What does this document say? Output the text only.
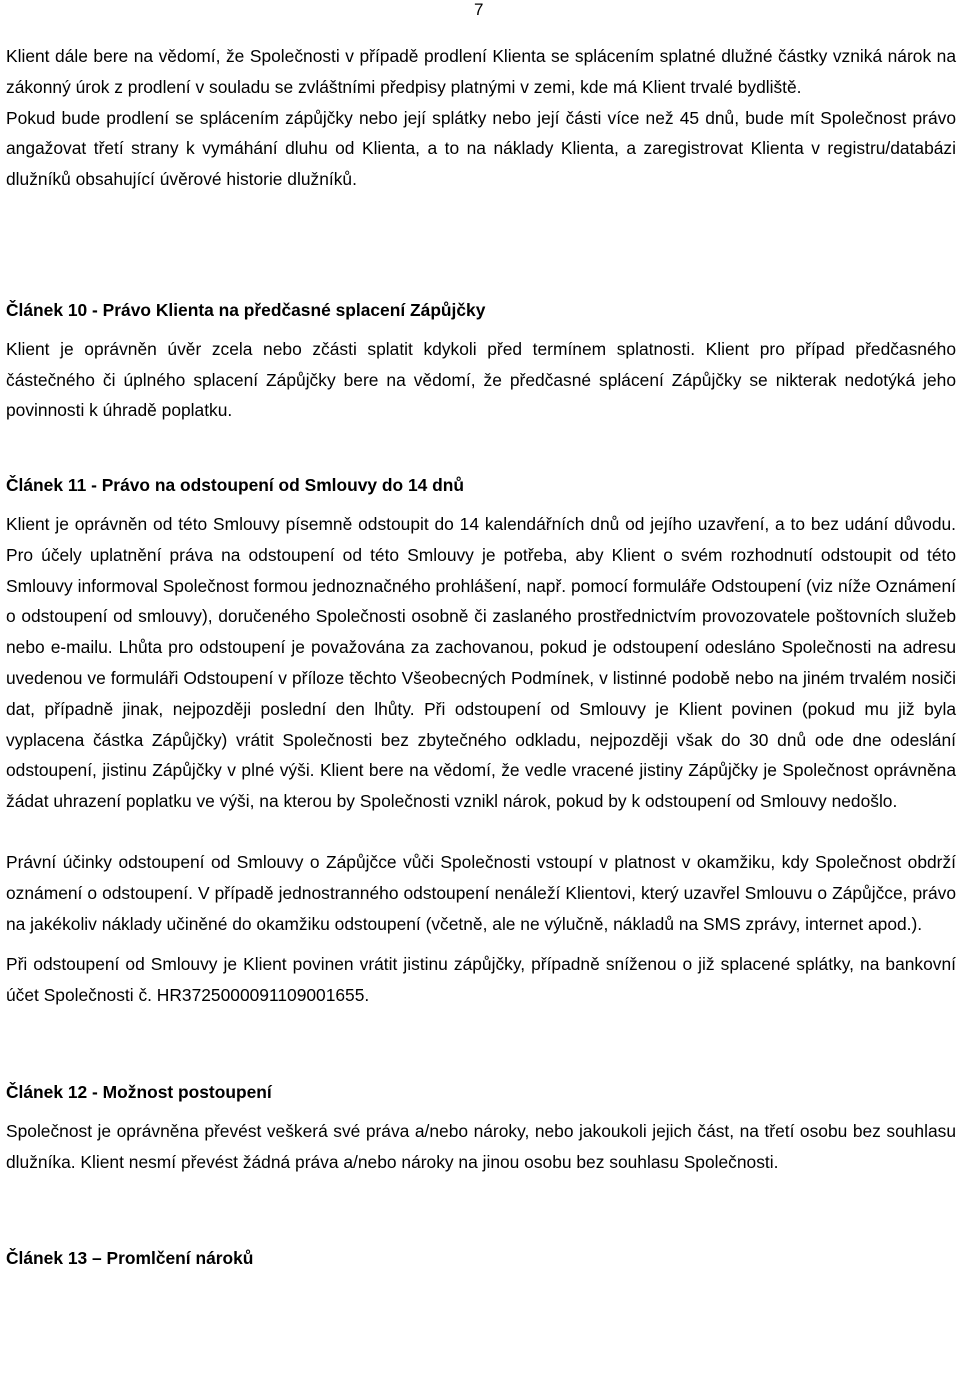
7

Klient dále bere na vědomí, že Společnosti v případě prodlení Klienta se splácením splatné dlužné částky vzniká nárok na zákonný úrok z prodlení v souladu se zvláštními předpisy platnými v zemi, kde má Klient trvalé bydliště.

Pokud bude prodlení se splácením zápůjčky nebo její splátky nebo její části více než 45 dnů, bude mít Společnost právo angažovat třetí strany k vymáhání dluhu od Klienta, a to na náklady Klienta, a zaregistrovat Klienta v registru/databázi dlužníků obsahující úvěrové historie dlužníků.

Článek 10 - Právo Klienta na předčasné splacení Zápůjčky

Klient je oprávněn úvěr zcela nebo zčásti splatit kdykoli před termínem splatnosti. Klient pro případ předčasného částečného či úplného splacení Zápůjčky bere na vědomí, že předčasné splácení Zápůjčky se nikterak nedotýká jeho povinnosti k úhradě poplatku.

Článek 11 - Právo na odstoupení od Smlouvy do 14 dnů

Klient je oprávněn od této Smlouvy písemně odstoupit do 14 kalendářních dnů od jejího uzavření, a to bez udání důvodu. Pro účely uplatnění práva na odstoupení od této Smlouvy je potřeba, aby Klient o svém rozhodnutí odstoupit od této Smlouvy informoval Společnost formou jednoznačného prohlášení, např. pomocí formuláře Odstoupení (viz níže Oznámení o odstoupení od smlouvy), doručeného Společnosti osobně či zaslaného prostřednictvím provozovatele poštovních služeb nebo e-mailu. Lhůta pro odstoupení je považována za zachovanou, pokud je odstoupení odesláno Společnosti na adresu uvedenou ve formuláři Odstoupení v příloze těchto Všeobecných Podmínek, v listinné podobě nebo na jiném trvalém nosiči dat, případně jinak, nejpozději poslední den lhůty. Při odstoupení od Smlouvy je Klient povinen (pokud mu již byla vyplacena částka Zápůjčky) vrátit Společnosti bez zbytečného odkladu, nejpozději však do 30 dnů ode dne odeslání odstoupení, jistinu Zápůjčky v plné výši. Klient bere na vědomí, že vedle vracené jistiny Zápůjčky je Společnost oprávněna žádat uhrazení poplatku ve výši, na kterou by Společnosti vznikl nárok, pokud by k odstoupení od Smlouvy nedošlo.

Právní účinky odstoupení od Smlouvy o Zápůjčce vůči Společnosti vstoupí v platnost v okamžiku, kdy Společnost obdrží oznámení o odstoupení. V případě jednostranného odstoupení nenáleží Klientovi, který uzavřel Smlouvu o Zápůjčce, právo na jakékoliv náklady učiněné do okamžiku odstoupení (včetně, ale ne výlučně, nákladů na SMS zprávy, internet apod.).

Při odstoupení od Smlouvy je Klient povinen vrátit jistinu zápůjčky, případně sníženou o již splacené splátky, na bankovní účet Společnosti č. HR3725000091109001655.

Článek 12 - Možnost postoupení

Společnost je oprávněna převést veškerá své práva a/nebo nároky, nebo jakoukoli jejich část, na třetí osobu bez souhlasu dlužníka. Klient nesmí převést žádná práva a/nebo nároky na jinou osobu bez souhlasu Společnosti.

Článek 13 – Promlčení nároků
